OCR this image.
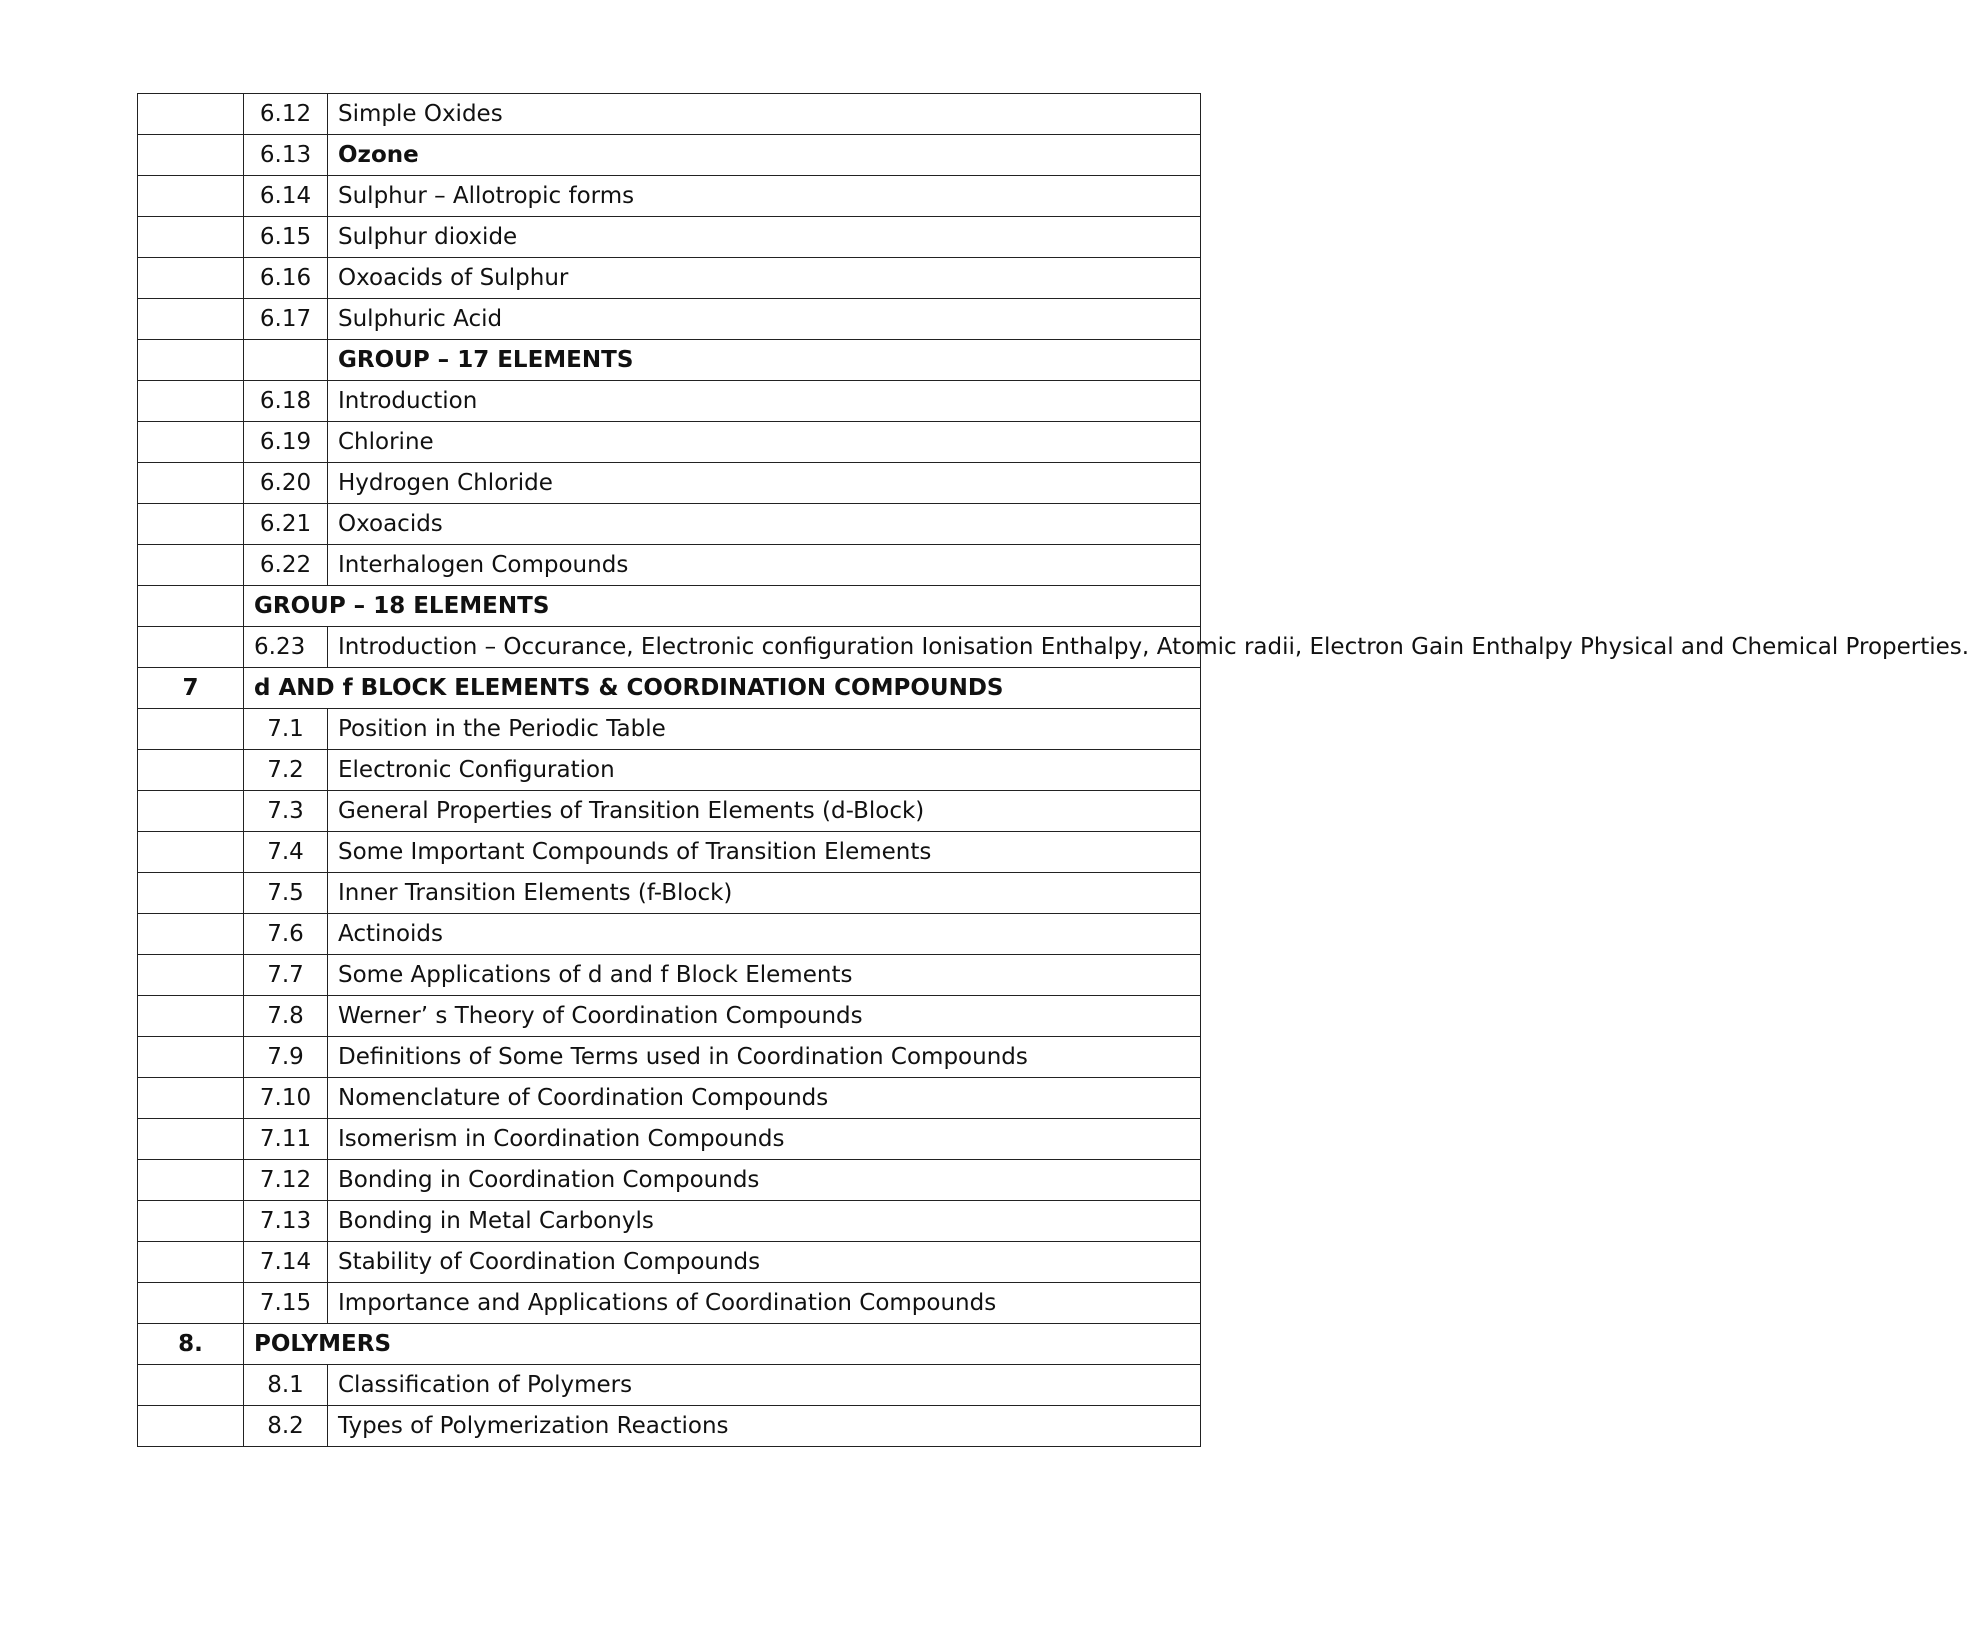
	6.12	Simple Oxides
	6.13	Ozone
	6.14	Sulphur – Allotropic forms
	6.15	Sulphur dioxide
	6.16	Oxoacids of Sulphur
	6.17	Sulphuric Acid
		GROUP – 17 ELEMENTS
	6.18	Introduction
	6.19	Chlorine
	6.20	Hydrogen Chloride
	6.21	Oxoacids
	6.22	Interhalogen Compounds
	GROUP – 18 ELEMENTS	
	6.23	Introduction – Occurance, Electronic configuration Ionisation Enthalpy, Atomic radii, Electron Gain Enthalpy Physical and Chemical Properties.
7	d AND f BLOCK ELEMENTS & COORDINATION COMPOUNDS	
	7.1	Position in the Periodic Table
	7.2	Electronic Configuration
	7.3	General Properties of Transition Elements (d-Block)
	7.4	Some Important Compounds of Transition Elements
	7.5	Inner Transition Elements (f-Block)
	7.6	Actinoids
	7.7	Some Applications of d and f Block Elements
	7.8	Werner’ s Theory of Coordination Compounds
	7.9	Definitions of Some Terms used in Coordination Compounds
	7.10	Nomenclature of Coordination Compounds
	7.11	Isomerism in Coordination Compounds
	7.12	Bonding in Coordination Compounds
	7.13	Bonding in Metal Carbonyls
	7.14	Stability of Coordination Compounds
	7.15	Importance and Applications of Coordination Compounds
8.	POLYMERS	
	8.1	Classification of Polymers
	8.2	Types of Polymerization Reactions
